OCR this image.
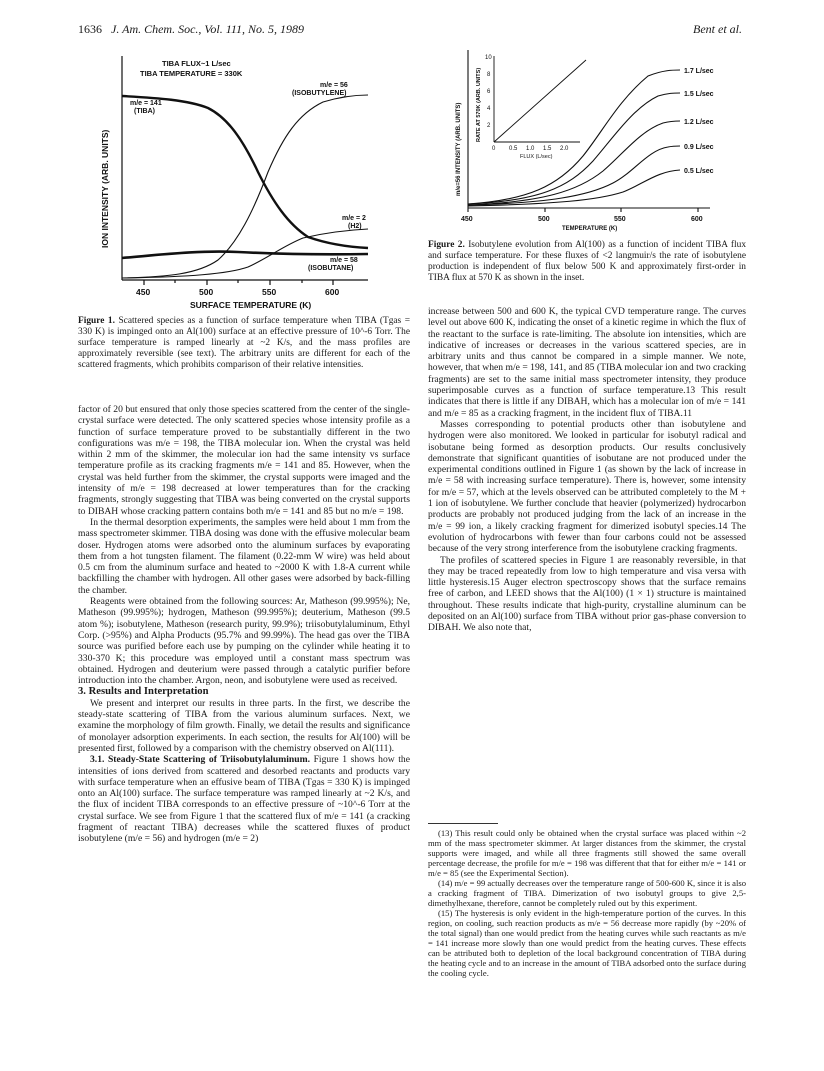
1636 J. Am. Chem. Soc., Vol. 111, No. 5, 1989	Bent et al.
TIBA FLUX~1 L/sec
TIBA TEMPERATURE = 330K
m/e = 141
(TIBA)
m/e = 56
(ISOBUTYLENE)
m/e = 2
(H2)
m/e = 58
(ISOBUTANE)
450	500	550	600
SURFACE TEMPERATURE (K)
ION INTENSITY (ARB. UNITS)
Figure 1. Scattered species as a function of surface temperature when TIBA (Tgas = 330 K) is impinged onto an Al(100) surface at an effective pressure of 10^-6 Torr. The surface temperature is ramped linearly at ~2 K/s, and the mass profiles are approximately reversible (see text). The arbitrary units are different for each of the scattered fragments, which prohibits comparison of their relative intensities.
1.7 L/sec
1.5 L/sec
1.2 L/sec
0.9 L/sec
0.5 L/sec
10
8
6
4
2
0 0.5 1.0 1.5 2.0
FLUX (L/sec)
RATE AT 570K (ARB. UNITS)
m/e=56 INTENSITY (ARB. UNITS)
450	500	550	600
TEMPERATURE (K)
Figure 2. Isobutylene evolution from Al(100) as a function of incident TIBA flux and surface temperature. For these fluxes of <2 langmuir/s the rate of isobutylene production is independent of flux below 500 K and approximately first-order in TIBA flux at 570 K as shown in the inset.

factor of 20 but ensured that only those species scattered from the center of the single-crystal surface were detected. The only scattered species whose intensity profile as a function of surface temperature proved to be substantially different in the two configurations was m/e = 198, the TIBA molecular ion. When the crystal was held within 2 mm of the skimmer, the molecular ion had the same intensity vs surface temperature profile as its cracking fragments m/e = 141 and 85. However, when the crystal was held further from the skimmer, the crystal supports were imaged and the intensity of m/e = 198 decreased at lower temperatures than for the cracking fragments, strongly suggesting that TIBA was being converted on the crystal supports to DIBAH whose cracking pattern contains both m/e = 141 and 85 but no m/e = 198.

In the thermal desorption experiments, the samples were held about 1 mm from the mass spectrometer skimmer. TIBA dosing was done with the effusive molecular beam doser. Hydrogen atoms were adsorbed onto the aluminum surfaces by evaporating them from a hot tungsten filament. The filament (0.22-mm W wire) was held about 0.5 cm from the aluminum surface and heated to ~2000 K with 1.8-A current while backfilling the chamber with hydrogen. All other gases were adsorbed by back-filling the chamber.

Reagents were obtained from the following sources: Ar, Matheson (99.995%); Ne, Matheson (99.995%); hydrogen, Matheson (99.995%); deuterium, Matheson (99.5 atom %); isobutylene, Matheson (research purity, 99.9%); triisobutylaluminum, Ethyl Corp. (>95%) and Alpha Products (95.7% and 99.99%). The head gas over the TIBA source was purified before each use by pumping on the cylinder while heating it to 330-370 K; this procedure was employed until a constant mass spectrum was obtained. Hydrogen and deuterium were passed through a catalytic purifier before introduction into the chamber. Argon, neon, and isobutylene were used as received.

3. Results and Interpretation

We present and interpret our results in three parts. In the first, we describe the steady-state scattering of TIBA from the various aluminum surfaces. Next, we examine the morphology of film growth. Finally, we detail the results and significance of monolayer adsorption experiments. In each section, the results for Al(100) will be presented first, followed by a comparison with the chemistry observed on Al(111).

3.1. Steady-State Scattering of Triisobutylaluminum. Figure 1 shows how the intensities of ions derived from scattered and desorbed reactants and products vary with surface temperature when an effusive beam of TIBA (Tgas = 330 K) is impinged onto an Al(100) surface. The surface temperature was ramped linearly at ~2 K/s, and the flux of incident TIBA corresponds to an effective pressure of ~10^-6 Torr at the crystal surface. We see from Figure 1 that the scattered flux of m/e = 141 (a cracking fragment of reactant TIBA) decreases while the scattered fluxes of product isobutylene (m/e = 56) and hydrogen (m/e = 2)

increase between 500 and 600 K, the typical CVD temperature range. The curves level out above 600 K, indicating the onset of a kinetic regime in which the flux of the reactant to the surface is rate-limiting. The absolute ion intensities, which are indicative of increases or decreases in the various scattered species, are in arbitrary units and thus cannot be compared in a simple manner. We note, however, that when m/e = 198, 141, and 85 (TIBA molecular ion and two cracking fragments) are set to the same initial mass spectrometer intensity, they produce superimposable curves as a function of surface temperature.13 This result indicates that there is little if any DIBAH, which has a molecular ion of m/e = 141 and m/e = 85 as a cracking fragment, in the incident flux of TIBA.11

Masses corresponding to potential products other than isobutylene and hydrogen were also monitored. We looked in particular for isobutyl radical and isobutane being formed as desorption products. Our results conclusively demonstrate that significant quantities of isobutane are not produced under the experimental conditions outlined in Figure 1 (as shown by the lack of increase in m/e = 58 with increasing surface temperature). There is, however, some intensity for m/e = 57, which at the levels observed can be attributed completely to the M + 1 ion of isobutylene. We further conclude that heavier (polymerized) hydrocarbon products are probably not produced judging from the lack of an increase in the m/e = 99 ion, a likely cracking fragment for dimerized isobutyl species.14 The evolution of hydrocarbons with fewer than four carbons could not be assessed because of the very strong interference from the isobutylene cracking fragments.

The profiles of scattered species in Figure 1 are reasonably reversible, in that they may be traced repeatedly from low to high temperature and visa versa with little hysteresis.15 Auger electron spectroscopy shows that the surface remains free of carbon, and LEED shows that the Al(100) (1 × 1) structure is maintained throughout. These results indicate that high-purity, crystalline aluminum can be deposited on an Al(100) surface from TIBA without prior gas-phase conversion to DIBAH. We also note that,

(13) This result could only be obtained when the crystal surface was placed within ~2 mm of the mass spectrometer skimmer. At larger distances from the skimmer, the crystal supports were imaged, and while all three fragments still showed the same overall percentage decrease, the profile for m/e = 198 was different that that for either m/e = 141 or m/e = 85 (see the Experimental Section).

(14) m/e = 99 actually decreases over the temperature range of 500-600 K, since it is also a cracking fragment of TIBA. Dimerization of two isobutyl groups to give 2,5-dimethylhexane, therefore, cannot be completely ruled out by this experiment.

(15) The hysteresis is only evident in the high-temperature portion of the curves. In this region, on cooling, such reaction products as m/e = 56 decrease more rapidly (by ~20% of the total signal) than one would predict from the heating curves while such reactants as m/e = 141 increase more slowly than one would predict from the heating curves. These effects can be attributed both to depletion of the local background concentration of TIBA during the heating cycle and to an increase in the amount of TIBA adsorbed onto the surface during the cooling cycle.
